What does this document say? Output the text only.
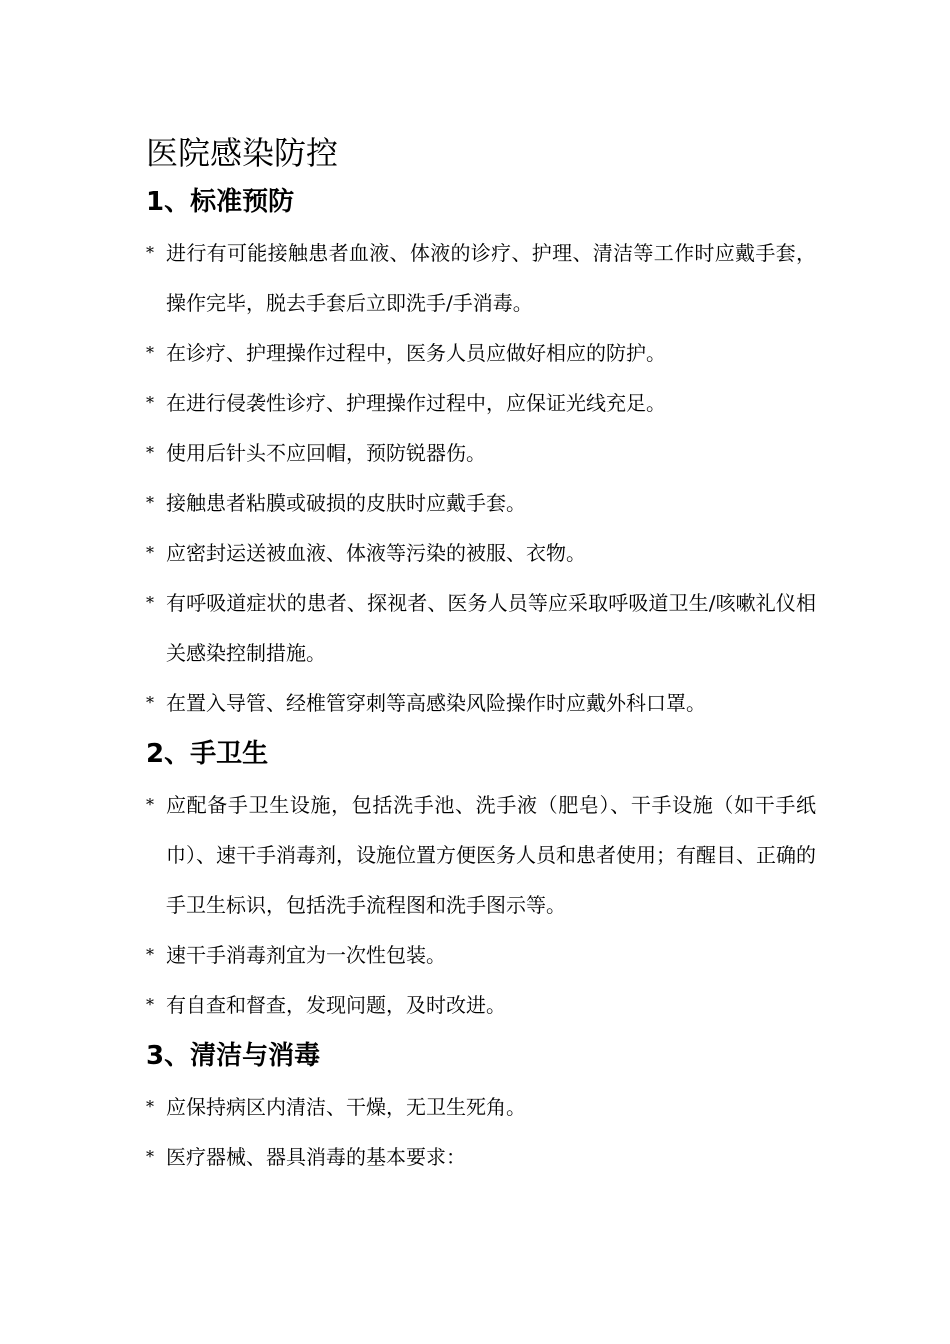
医院感染防控
1、标准预防
* 进行有可能接触患者血液、体液的诊疗、护理、清洁等工作时应戴手套，操作完毕，脱去手套后立即洗手/手消毒。
* 在诊疗、护理操作过程中，医务人员应做好相应的防护。
* 在进行侵袭性诊疗、护理操作过程中，应保证光线充足。
* 使用后针头不应回帽，预防锐器伤。
* 接触患者粘膜或破损的皮肤时应戴手套。
* 应密封运送被血液、体液等污染的被服、衣物。
* 有呼吸道症状的患者、探视者、医务人员等应采取呼吸道卫生/咳嗽礼仪相关感染控制措施。
* 在置入导管、经椎管穿刺等高感染风险操作时应戴外科口罩。
2、手卫生
* 应配备手卫生设施，包括洗手池、洗手液（肥皂）、干手设施（如干手纸巾）、速干手消毒剂，设施位置方便医务人员和患者使用；有醒目、正确的手卫生标识，包括洗手流程图和洗手图示等。
* 速干手消毒剂宜为一次性包装。
* 有自查和督查，发现问题，及时改进。
3、清洁与消毒
* 应保持病区内清洁、干燥，无卫生死角。
* 医疗器械、器具消毒的基本要求：
